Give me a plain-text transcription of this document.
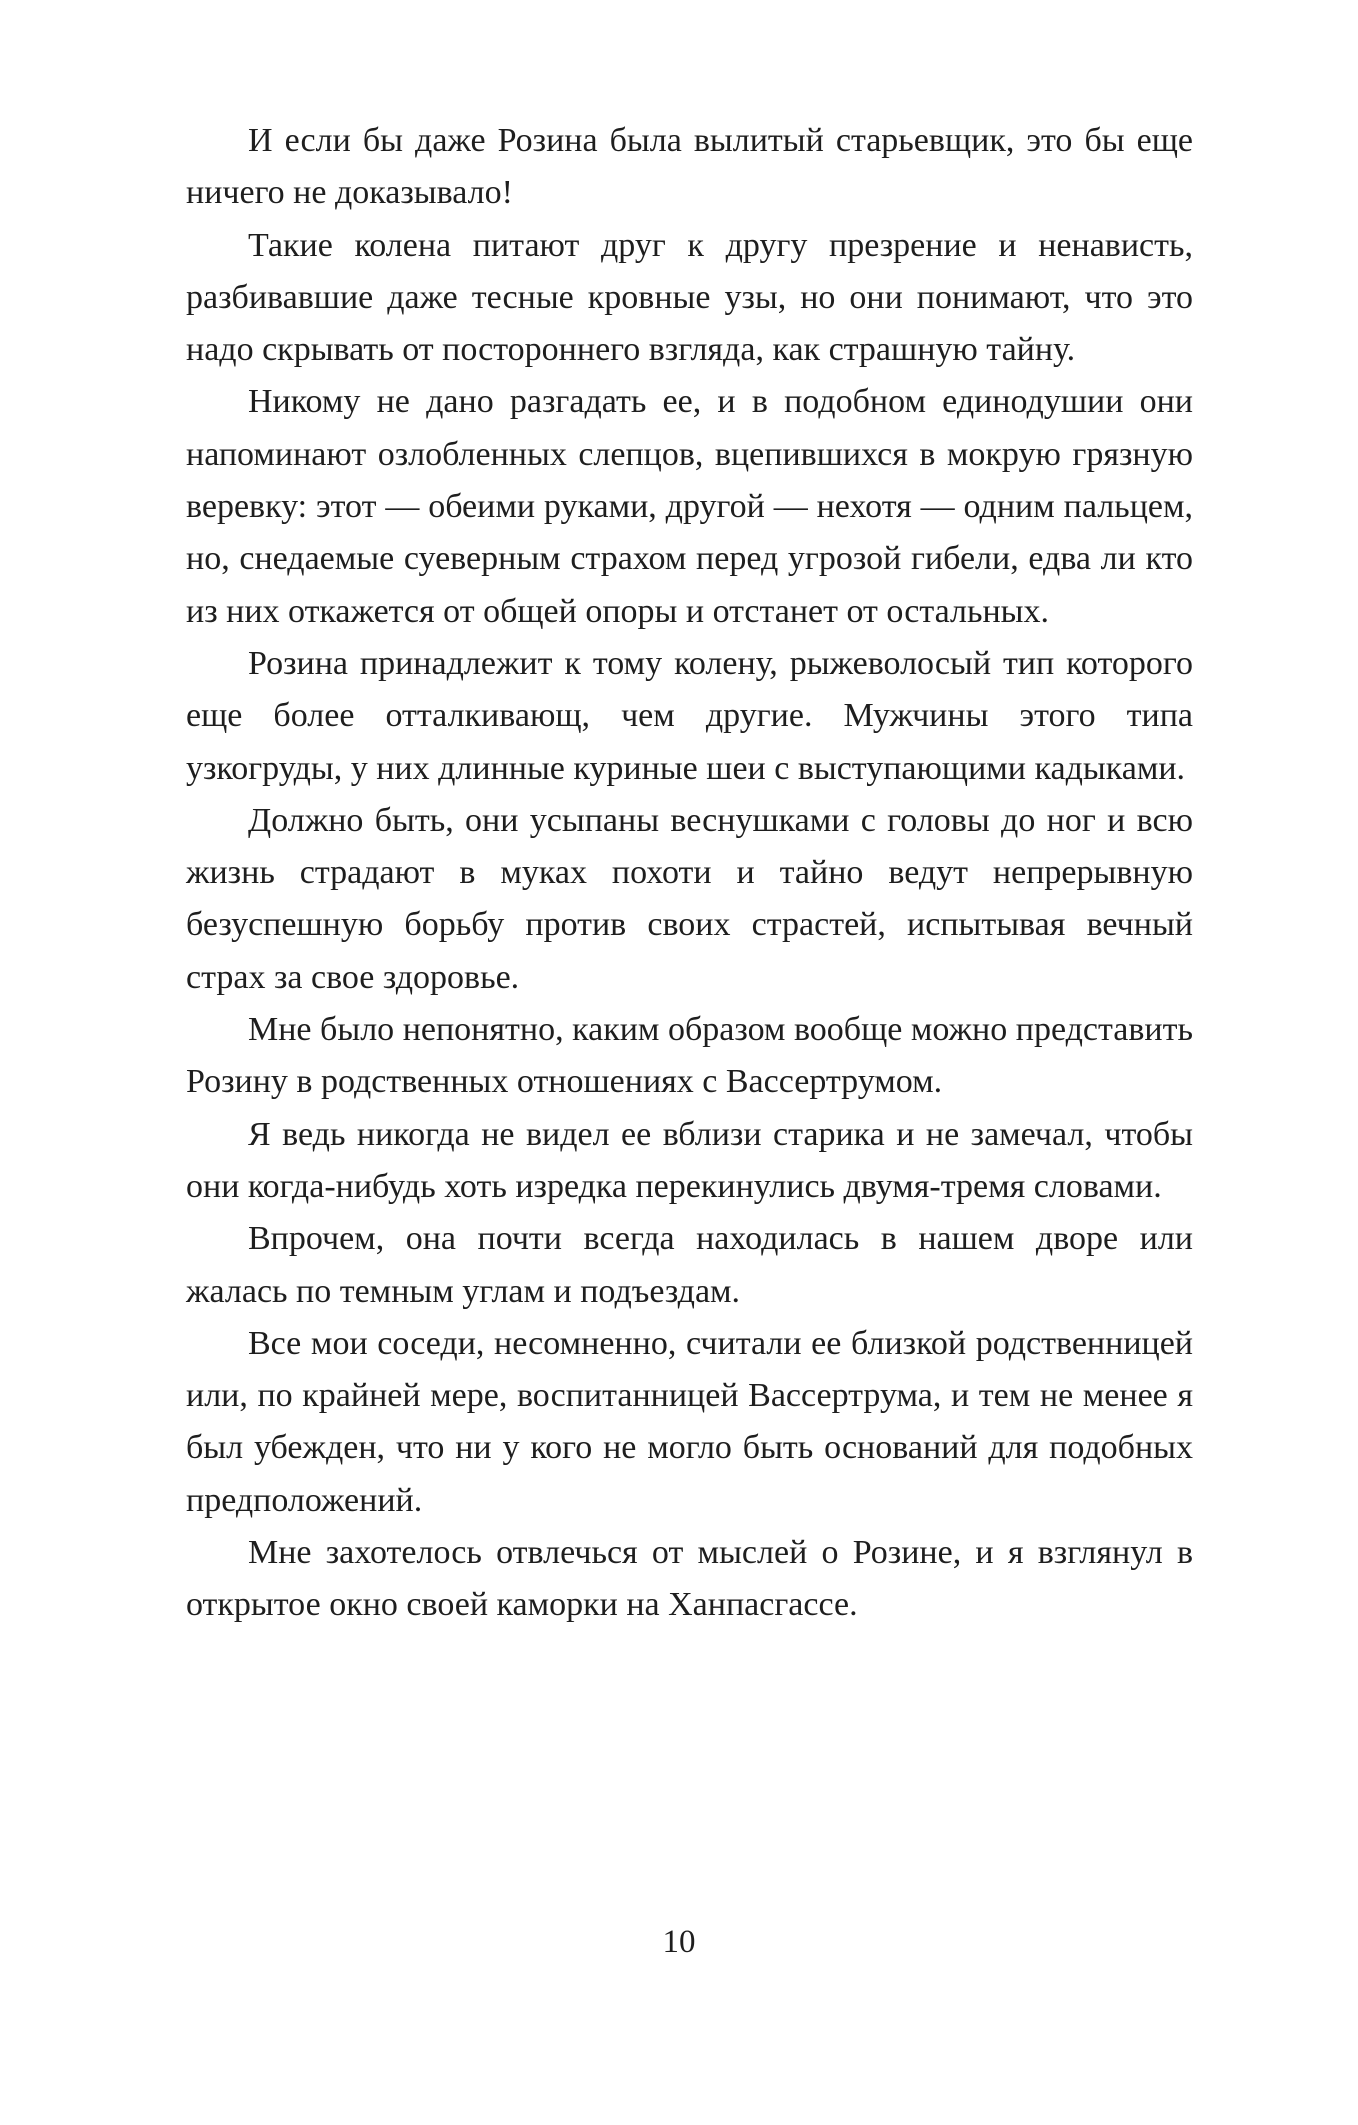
И если бы даже Розина была вылитый старьевщик, это бы еще ничего не доказывало!

Такие колена питают друг к другу презрение и ненависть, разбивавшие даже тесные кровные узы, но они понимают, что это надо скрывать от постороннего взгляда, как страшную тайну.

Никому не дано разгадать ее, и в подобном единодушии они напоминают озлобленных слепцов, вцепившихся в мокрую грязную веревку: этот — обеими руками, другой — нехотя — одним пальцем, но, снедаемые суеверным страхом перед угрозой гибели, едва ли кто из них откажется от общей опоры и отстанет от остальных.

Розина принадлежит к тому колену, рыжеволосый тип которого еще более отталкивающ, чем другие. Мужчины этого типа узкогруды, у них длинные куриные шеи с выступающими кадыками.

Должно быть, они усыпаны веснушками с головы до ног и всю жизнь страдают в муках похоти и тайно ведут непрерывную безуспешную борьбу против своих страстей, испытывая вечный страх за свое здоровье.

Мне было непонятно, каким образом вообще можно представить Розину в родственных отношениях с Вассертрумом.

Я ведь никогда не видел ее вблизи старика и не замечал, чтобы они когда-нибудь хоть изредка перекинулись двумя-тремя словами.

Впрочем, она почти всегда находилась в нашем дворе или жалась по темным углам и подъездам.

Все мои соседи, несомненно, считали ее близкой родственницей или, по крайней мере, воспитанницей Вассертрума, и тем не менее я был убежден, что ни у кого не могло быть оснований для подобных предположений.

Мне захотелось отвлечься от мыслей о Розине, и я взглянул в открытое окно своей каморки на Ханпасгассе.

10
